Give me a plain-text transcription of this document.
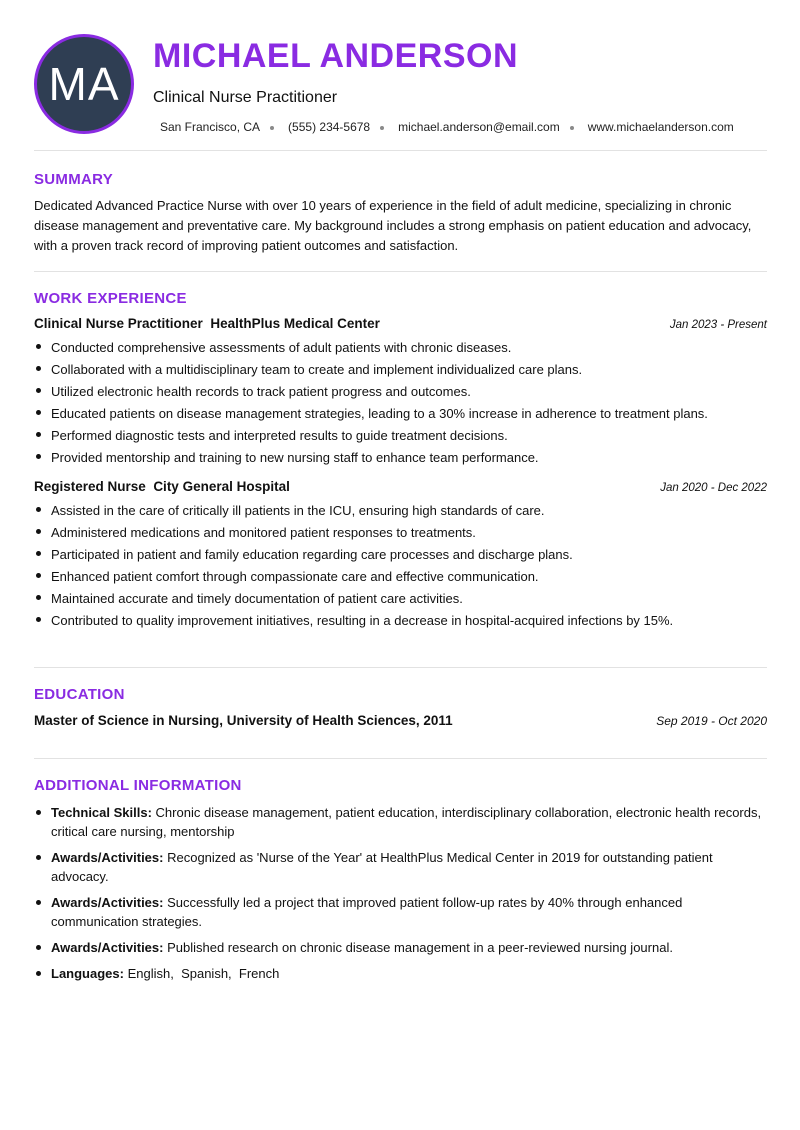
MA
MICHAEL ANDERSON
Clinical Nurse Practitioner
San Francisco, CA (555) 234-5678 michael.anderson@email.com www.michaelanderson.com
SUMMARY

Dedicated Advanced Practice Nurse with over 10 years of experience in the field of adult medicine, specializing in chronic disease management and preventative care. My background includes a strong emphasis on patient education and advocacy, with a proven track record of improving patient outcomes and satisfaction.

WORK EXPERIENCE
Clinical Nurse Practitioner HealthPlus Medical Center	Jan 2023 - Present
Conducted comprehensive assessments of adult patients with chronic diseases.
Collaborated with a multidisciplinary team to create and implement individualized care plans.
Utilized electronic health records to track patient progress and outcomes.
Educated patients on disease management strategies, leading to a 30% increase in adherence to treatment plans.
Performed diagnostic tests and interpreted results to guide treatment decisions.
Provided mentorship and training to new nursing staff to enhance team performance.
Registered Nurse City General Hospital	Jan 2020 - Dec 2022
Assisted in the care of critically ill patients in the ICU, ensuring high standards of care.
Administered medications and monitored patient responses to treatments.
Participated in patient and family education regarding care processes and discharge plans.
Enhanced patient comfort through compassionate care and effective communication.
Maintained accurate and timely documentation of patient care activities.
Contributed to quality improvement initiatives, resulting in a decrease in hospital-acquired infections by 15%.
EDUCATION
Master of Science in Nursing, University of Health Sciences, 2011	Sep 2019 - Oct 2020
ADDITIONAL INFORMATION
Technical Skills: Chronic disease management, patient education, interdisciplinary collaboration, electronic health records, critical care nursing, mentorship
Awards/Activities: Recognized as 'Nurse of the Year' at HealthPlus Medical Center in 2019 for outstanding patient advocacy.
Awards/Activities: Successfully led a project that improved patient follow-up rates by 40% through enhanced communication strategies.
Awards/Activities: Published research on chronic disease management in a peer-reviewed nursing journal.
Languages: English,  Spanish,  French
